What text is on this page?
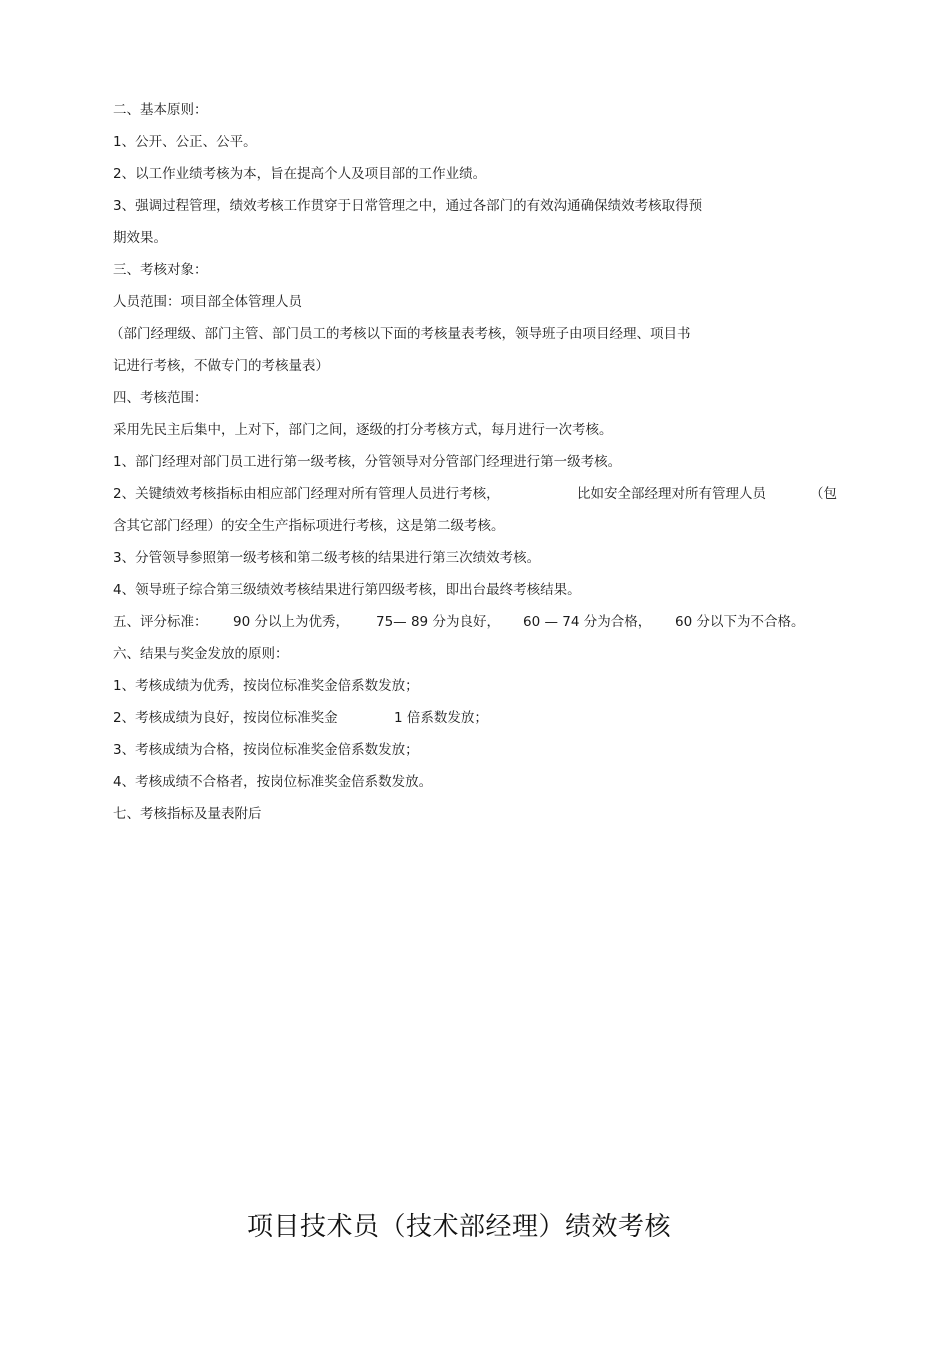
二、基本原则：
1、公开、公正、公平。
2、以工作业绩考核为本，旨在提高个人及项目部的工作业绩。
3、强调过程管理，绩效考核工作贯穿于日常管理之中，通过各部门的有效沟通确保绩效考核取得预
期效果。
三、考核对象：
人员范围：项目部全体管理人员
（部门经理级、部门主管、部门员工的考核以下面的考核量表考核，领导班子由项目经理、项目书
记进行考核，不做专门的考核量表）
四、考核范围：
采用先民主后集中，上对下，部门之间，逐级的打分考核方式，每月进行一次考核。
1、部门经理对部门员工进行第一级考核，分管领导对分管部门经理进行第一级考核。
2、关键绩效考核指标由相应部门经理对所有管理人员进行考核，	比如安全部经理对所有管理人员	（包
含其它部门经理）的安全生产指标项进行考核，这是第二级考核。
3、分管领导参照第一级考核和第二级考核的结果进行第三次绩效考核。
4、领导班子综合第三级绩效考核结果进行第四级考核，即出台最终考核结果。
五、评分标准： 90 分以上为优秀， 75— 89 分为良好， 60 — 74 分为合格， 60 分以下为不合格。
六、结果与奖金发放的原则：
1、考核成绩为优秀，按岗位标准奖金倍系数发放；
2、考核成绩为良好，按岗位标准奖金	1 倍系数发放；
3、考核成绩为合格，按岗位标准奖金倍系数发放；
4、考核成绩不合格者，按岗位标准奖金倍系数发放。
七、考核指标及量表附后
项目技术员（技术部经理）绩效考核
